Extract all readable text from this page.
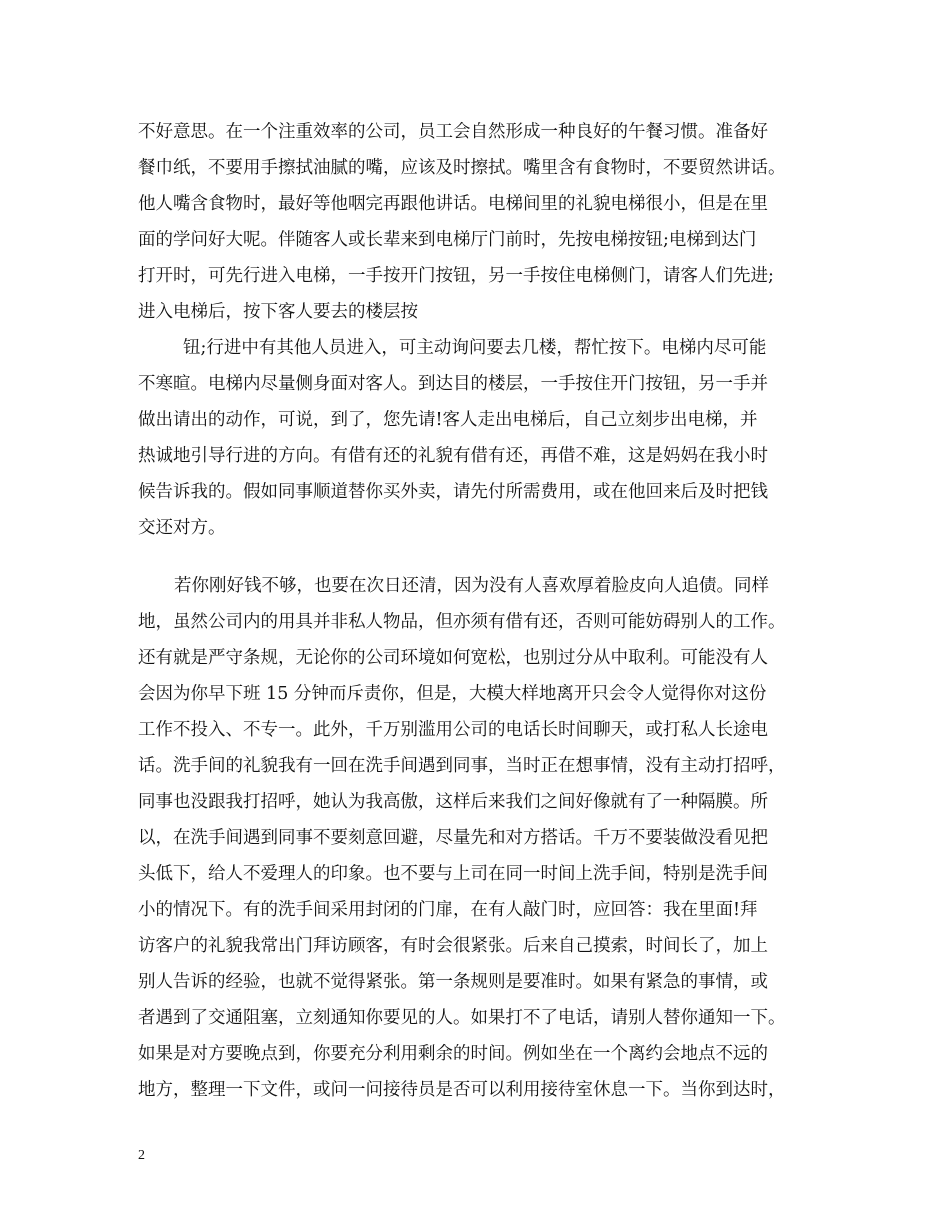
不好意思。在一个注重效率的公司，员工会自然形成一种良好的午餐习惯。准备好

餐巾纸，不要用手擦拭油腻的嘴，应该及时擦拭。嘴里含有食物时，不要贸然讲话。

他人嘴含食物时，最好等他咽完再跟他讲话。电梯间里的礼貌电梯很小，但是在里

面的学问好大呢。伴随客人或长辈来到电梯厅门前时，先按电梯按钮;电梯到达门

打开时，可先行进入电梯，一手按开门按钮，另一手按住电梯侧门，请客人们先进;

进入电梯后，按下客人要去的楼层按

钮;行进中有其他人员进入，可主动询问要去几楼，帮忙按下。电梯内尽可能

不寒暄。电梯内尽量侧身面对客人。到达目的楼层，一手按住开门按钮，另一手并

做出请出的动作，可说，到了，您先请!客人走出电梯后，自己立刻步出电梯，并

热诚地引导行进的方向。有借有还的礼貌有借有还，再借不难，这是妈妈在我小时

候告诉我的。假如同事顺道替你买外卖，请先付所需费用，或在他回来后及时把钱

交还对方。

若你刚好钱不够，也要在次日还清，因为没有人喜欢厚着脸皮向人追债。同样

地，虽然公司内的用具并非私人物品，但亦须有借有还，否则可能妨碍别人的工作。

还有就是严守条规，无论你的公司环境如何宽松，也别过分从中取利。可能没有人

会因为你早下班 15 分钟而斥责你，但是，大模大样地离开只会令人觉得你对这份

工作不投入、不专一。此外，千万别滥用公司的电话长时间聊天，或打私人长途电

话。洗手间的礼貌我有一回在洗手间遇到同事，当时正在想事情，没有主动打招呼，

同事也没跟我打招呼，她认为我高傲，这样后来我们之间好像就有了一种隔膜。所

以，在洗手间遇到同事不要刻意回避，尽量先和对方搭话。千万不要装做没看见把

头低下，给人不爱理人的印象。也不要与上司在同一时间上洗手间，特别是洗手间

小的情况下。有的洗手间采用封闭的门扉，在有人敲门时，应回答：我在里面!拜

访客户的礼貌我常出门拜访顾客，有时会很紧张。后来自己摸索，时间长了，加上

别人告诉的经验，也就不觉得紧张。第一条规则是要准时。如果有紧急的事情，或

者遇到了交通阻塞，立刻通知你要见的人。如果打不了电话，请别人替你通知一下。

如果是对方要晚点到，你要充分利用剩余的时间。例如坐在一个离约会地点不远的

地方，整理一下文件，或问一问接待员是否可以利用接待室休息一下。当你到达时，

2
